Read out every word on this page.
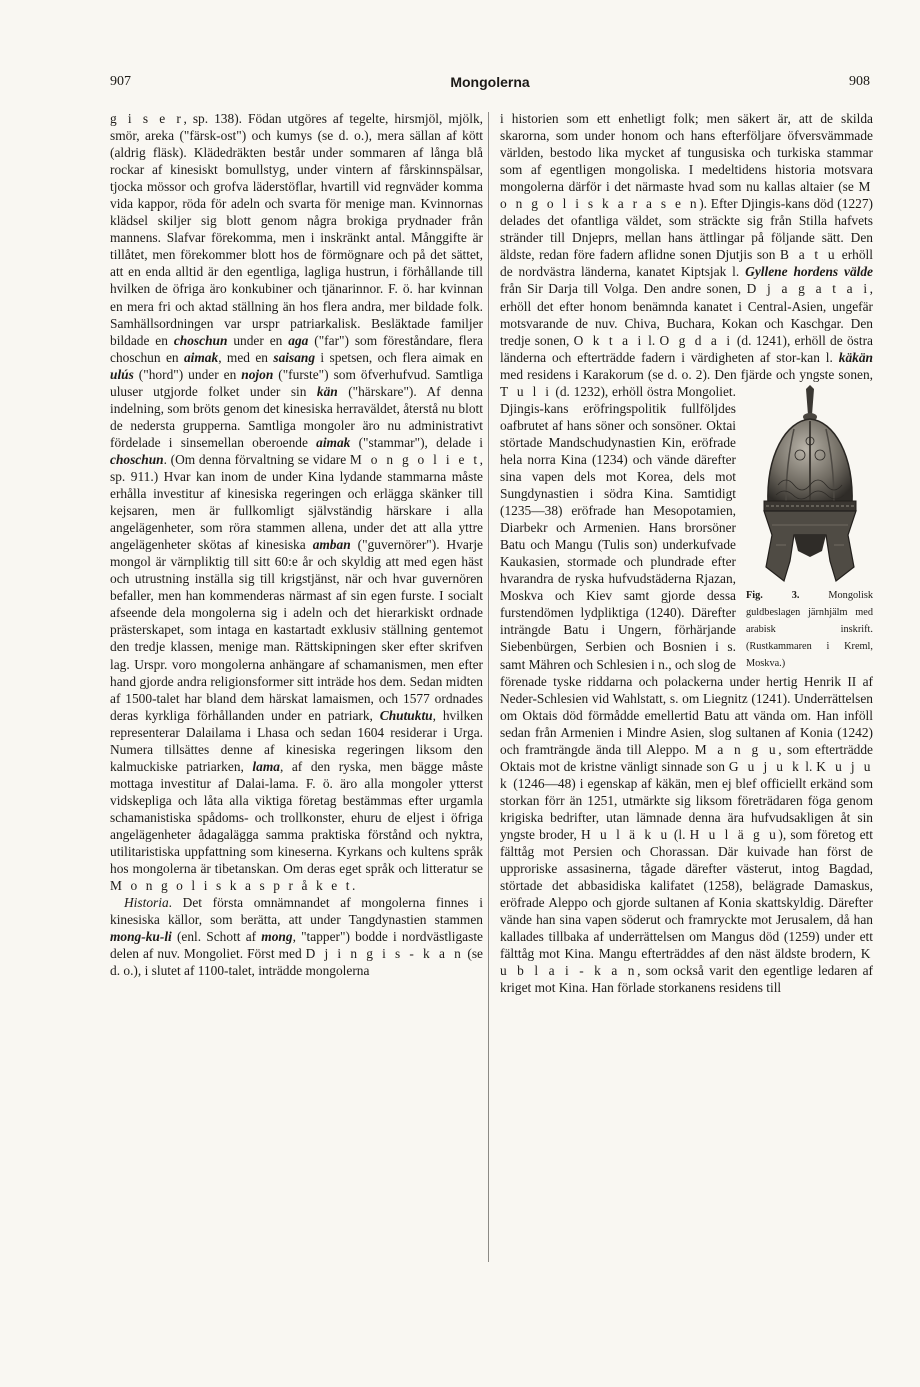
907	Mongolerna	908

g i s e r, sp. 138). Födan utgöres af tegelte, hirsmjöl, mjölk, smör, areka ("färsk-ost") och kumys (se d. o.), mera sällan af kött (aldrig fläsk). Klädedräkten består under sommaren af långa blå rockar af kinesiskt bomullstyg, under vintern af fårskinnspälsar, tjocka mössor och grofva läderstöflar, hvartill vid regnväder komma vida kappor, röda för adeln och svarta för menige man. Kvinnornas klädsel skiljer sig blott genom några brokiga prydnader från mannens. Slafvar förekomma, men i inskränkt antal. Månggifte är tillåtet, men förekommer blott hos de förmögnare och på det sättet, att en enda alltid är den egentliga, lagliga hustrun, i förhållande till hvilken de öfriga äro konkubiner och tjänarinnor. F. ö. har kvinnan en mera fri och aktad ställning än hos flera andra, mer bildade folk. Samhällsordningen var urspr patriarkalisk. Besläktade familjer bildade en choschun under en aga ("far") som föreståndare, flera choschun en aimak, med en saisang i spetsen, och flera aimak en ulús ("hord") under en nojon ("furste") som öfverhufvud. Samtliga uluser utgjorde folket under sin kän ("härskare"). Af denna indelning, som bröts genom det kinesiska herraväldet, återstå nu blott de nedersta grupperna. Samtliga mongoler äro nu administrativt fördelade i sinsemellan oberoende aimak ("stammar"), delade i choschun. (Om denna förvaltning se vidare M o n g o l i e t, sp. 911.) Hvar kan inom de under Kina lydande stammarna måste erhålla investitur af kinesiska regeringen och erlägga skänker till kejsaren, men är fullkomligt självständig härskare i alla angelägenheter, som röra stammen allena, under det att alla yttre angelägenheter skötas af kinesiska amban ("guvernörer"). Hvarje mongol är värnpliktig till sitt 60:e år och skyldig att med egen häst och utrustning inställa sig till krigstjänst, när och hvar guvernören befaller, men han kommenderas närmast af sin egen furste. I socialt afseende dela mongolerna sig i adeln och det hierarkiskt ordnade prästerskapet, som intaga en kastartadt exklusiv ställning gentemot den tredje klassen, menige man. Rättskipningen sker efter skrifven lag. Urspr. voro mongolerna anhängare af schamanismen, men efter hand gjorde andra religionsformer sitt inträde hos dem. Sedan midten af 1500-talet har bland dem härskat lamaismen, och 1577 ordnades deras kyrkliga förhållanden under en patriark, Chutuktu, hvilken representerar Dalailama i Lhasa och sedan 1604 residerar i Urga. Numera tillsättes denne af kinesiska regeringen liksom den kalmuckiske patriarken, lama, af den ryska, men bägge måste mottaga investitur af Dalai-lama. F. ö. äro alla mongoler ytterst vidskepliga och låta alla viktiga företag bestämmas efter urgamla schamanistiska spådoms- och trollkonster, ehuru de eljest i öfriga angelägenheter ådagalägga samma praktiska förstånd och nyktra, utilitaristiska uppfattning som kineserna. Kyrkans och kultens språk hos mongolerna är tibetanskan. Om deras eget språk och litteratur se M o n g o l i s k a s p r å k e t.

Historia. Det första omnämnandet af mongolerna finnes i kinesiska källor, som berätta, att under Tangdynastien stammen mong-ku-li (enl. Schott af mong, "tapper") bodde i nordvästligaste delen af nuv. Mongoliet. Först med D j i n g i s - k a n (se d. o.), i slutet af 1100-talet, inträdde mongolerna

i historien som ett enhetligt folk; men säkert är, att de skilda skarorna, som under honom och hans efterföljare öfversvämmade världen, bestodo lika mycket af tungusiska och turkiska stammar som af egentligen mongoliska. I medeltidens historia motsvara mongolerna därför i det närmaste hvad som nu kallas altaier (se M o n g o l i s k a r a s e n). Efter Djingis-kans död (1227) delades det ofantliga väldet, som sträckte sig från Stilla hafvets stränder till Dnjeprs, mellan hans ättlingar på följande sätt. Den äldste, redan före fadern aflidne sonen Djutjis son B a t u erhöll de nordvästra länderna, kanatet Kiptsjak l. Gyllene hordens välde från Sir Darja till Volga. Den andre sonen, D j a g a t a i, erhöll det efter honom benämnda kanatet i Central-Asien, ungefär motsvarande de nuv. Chiva, Buchara, Kokan och Kaschgar. Den tredje sonen, O k t a i l. O g d a i (d. 1241), erhöll de östra länderna och efterträdde fadern i värdigheten af stor-kan l. käkän med residens i Karakorum (se d. o. 2). Den fjärde och yngste sonen, T u l i
Fig. 3.	Mongolisk guldbeslagen järnhjälm med arabisk inskrift. (Rustkammaren i Kreml, Moskva.)
(d. 1232), erhöll östra Mongoliet. Djingis-kans eröfringspolitik fullföljdes oafbrutet af hans söner och sonsöner. Oktai störtade Mandschudynastien Kin, eröfrade hela norra Kina (1234) och vände därefter sina vapen dels mot Korea, dels mot Sungdynastien i södra Kina. Samtidigt (1235—38) eröfrade han Mesopotamien, Diarbekr och Armenien. Hans brorsöner Batu och Mangu (Tulis son) underkufvade Kaukasien, stormade och plundrade efter hvarandra de ryska hufvudstäderna Rjazan, Moskva och Kiev samt gjorde dessa furstendömen lydpliktiga (1240). Därefter inträngde Batu i Ungern, förhärjande Siebenbürgen, Serbien och Bosnien i s. samt Mähren och Schlesien i n., och slog de förenade tyske riddarna och polackerna under hertig Henrik II af Neder-Schlesien vid Wahlstatt, s. om Liegnitz (1241). Underrättelsen om Oktais död förmådde emellertid Batu att vända om. Han inföll sedan från Armenien i Mindre Asien, slog sultanen af Konia (1242) och framträngde ända till Aleppo. M a n g u, som efterträdde Oktais mot de kristne vänligt sinnade son G u j u k l. K u j u k (1246—48) i egenskap af käkän, men ej blef officiellt erkänd som storkan förr än 1251, utmärkte sig liksom företrädaren föga genom krigiska bedrifter, utan lämnade denna ära hufvudsakligen åt sin yngste broder, H u l ä k u (l. H u l ä g u), som företog ett fälttåg mot Persien och Chorassan. Där kuivade han först de upproriske assasinerna, tågade därefter västerut, intog Bagdad, störtade det abbasidiska kalifatet (1258), belägrade Damaskus, eröfrade Aleppo och gjorde sultanen af Konia skattskyldig. Därefter vände han sina vapen söderut och framryckte mot Jerusalem, då han kallades tillbaka af underrättelsen om Mangus död (1259) under ett fälttåg mot Kina. Mangu efterträddes af den näst äldste brodern, K u b l a i - k a n, som också varit den egentlige ledaren af kriget mot Kina. Han förlade storkanens residens till
